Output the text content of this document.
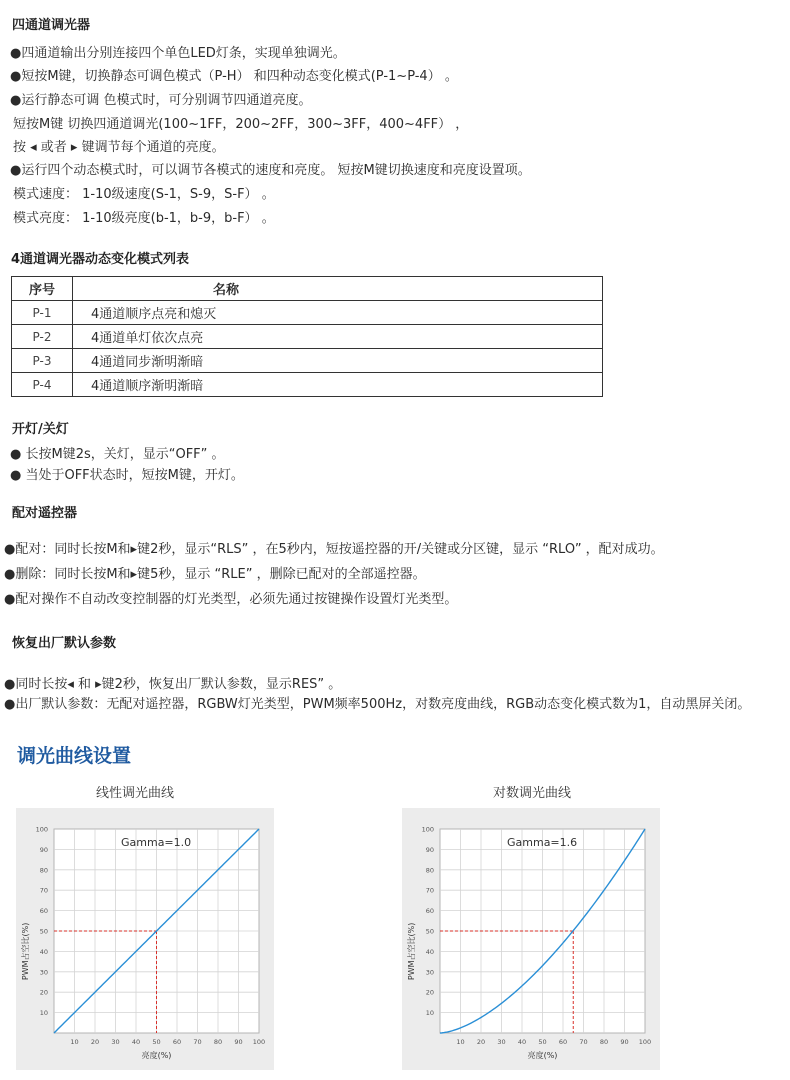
四通道调光器
●四通道输出分别连接四个单色LED灯条，实现单独调光。
●短按M键，切换静态可调色模式（P-H） 和四种动态变化模式(P-1~P-4） 。
●运行静态可调 色模式时，可分别调节四通道亮度。
短按M键 切换四通道调光(100~1FF，200~2FF，300~3FF，400~4FF） ，
按 ◂ 或者 ▸ 键调节每个通道的亮度。
●运行四个动态模式时，可以调节各模式的速度和亮度。 短按M键切换速度和亮度设置项。
模式速度： 1-10级速度(S-1，S-9，S-F） 。
模式亮度： 1-10级亮度(b-1，b-9，b-F） 。
4通道调光器动态变化模式列表
序号	名称
P-1	4通道顺序点亮和熄灭
P-2	4通道单灯依次点亮
P-3	4通道同步渐明渐暗
P-4	4通道顺序渐明渐暗
开灯/关灯
● 长按M键2s，关灯，显示“OFF” 。
● 当处于OFF状态时，短按M键，开灯。
配对遥控器
●配对：同时长按M和▸键2秒，显示“RLS” ，在5秒内，短按遥控器的开/关键或分区键，显示 “RLO” ，配对成功。
●删除：同时长按M和▸键5秒，显示 “RLE” ，删除已配对的全部遥控器。
●配对操作不自动改变控制器的灯光类型，必须先通过按键操作设置灯光类型。
恢复出厂默认参数
●同时长按◂ 和 ▸键2秒，恢复出厂默认参数，显示RES” 。
●出厂默认参数：无配对遥控器，RGBW灯光类型，PWM频率500Hz，对数亮度曲线，RGB动态变化模式数为1，自动黑屏关闭。
调光曲线设置
线性调光曲线	对数调光曲线
10
20
30
40
50
60
70
80
90
100
10 20 30 40 50 60 70 80 90 100
亮度(%)
PWM占空比(%)
Gamma=1.0
10
20
30
40
50
60
70
80
90
100
10 20 30 40 50 60 70 80 90 100
亮度(%)
PWM占空比(%)
Gamma=1.6
